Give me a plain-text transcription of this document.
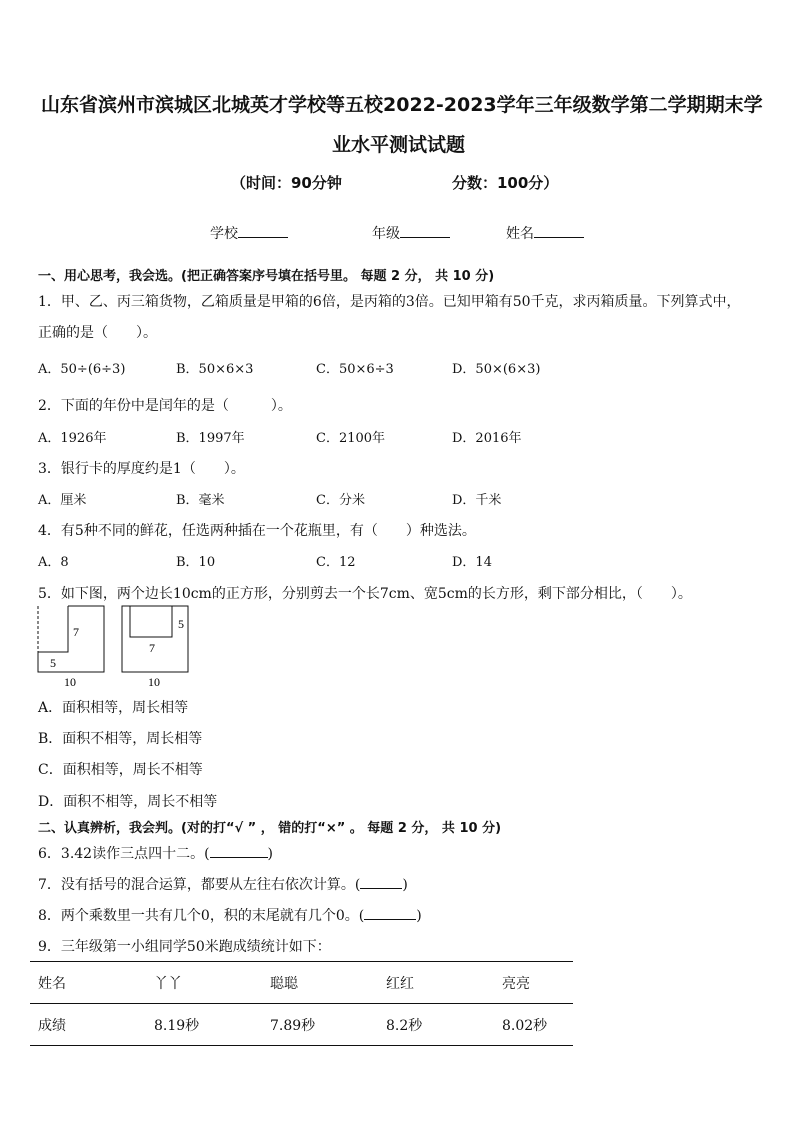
山东省滨州市滨城区北城英才学校等五校2022-2023学年三年级数学第二学期期末学
业水平测试试题
（时间：90分钟	分数：100分）
学校	年级	姓名
一、用心思考，我会选。(把正确答案序号填在括号里。 每题 2 分， 共 10 分)
1．甲、乙、丙三箱货物，乙箱质量是甲箱的6倍，是丙箱的3倍。已知甲箱有50千克，求丙箱质量。下列算式中，
正确的是（　　）。
A．50÷(6÷3)	B．50×6×3	C．50×6÷3	D．50×(6×3)
2．下面的年份中是闰年的是（　　　）。
A．1926年	B．1997年	C．2100年	D．2016年
3．银行卡的厚度约是1（　　）。
A．厘米	B．毫米	C．分米	D．千米
4．有5种不同的鲜花，任选两种插在一个花瓶里，有（　　）种选法。
A．8	B．10	C．12	D．14
5．如下图，两个边长10cm的正方形，分别剪去一个长7cm、宽5cm的长方形，剩下部分相比，（　　）。
7
5
10
5
7
10
A．面积相等，周长相等
B．面积不相等，周长相等
C．面积相等，周长不相等
D．面积不相等，周长不相等
二、认真辨析，我会判。(对的打“√ ” ， 错的打“×” 。 每题 2 分， 共 10 分)
6．3.42读作三点四十二。(	)
7．没有括号的混合运算，都要从左往右依次计算。(	)
8．两个乘数里一共有几个0，积的末尾就有几个0。(	)
9．三年级第一小组同学50米跑成绩统计如下：
姓名	丫丫	聪聪	红红	亮亮
成绩	8.19秒	7.89秒	8.2秒	8.02秒
